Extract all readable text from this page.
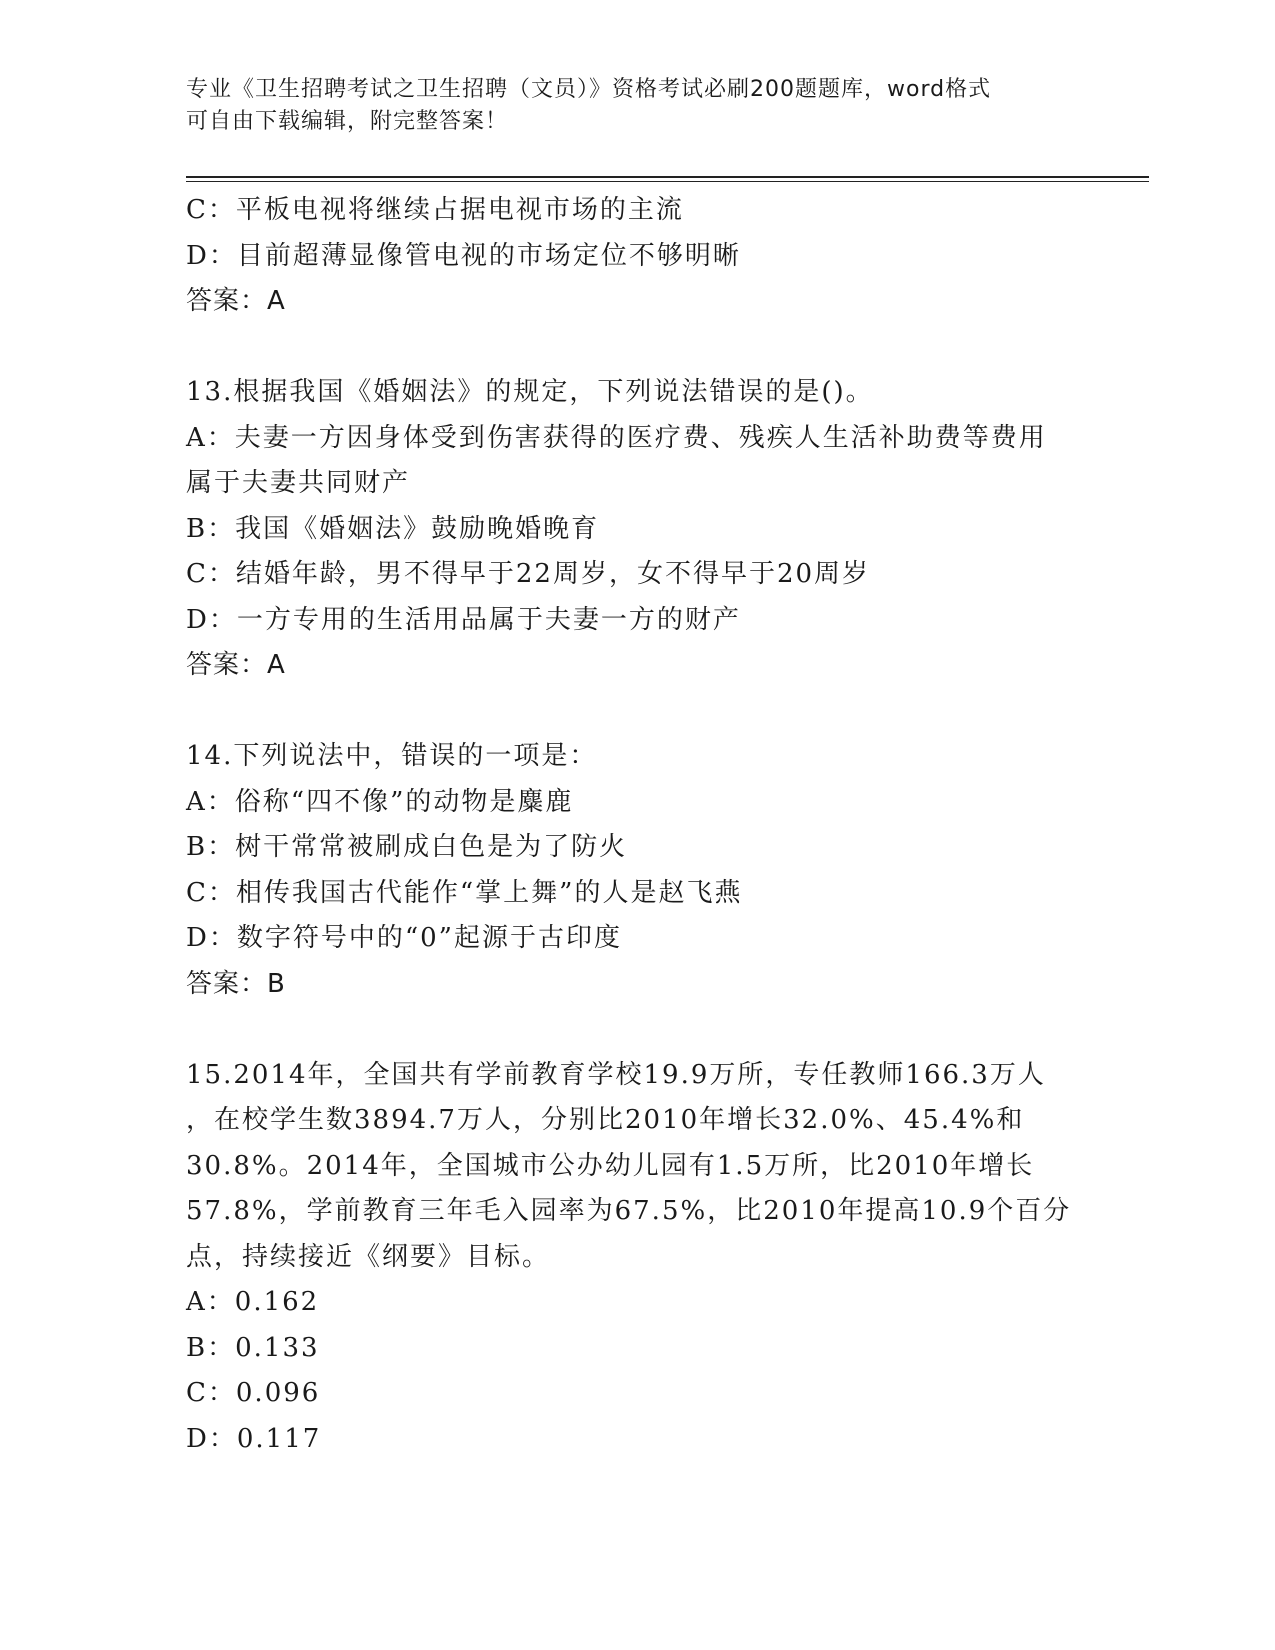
专业《卫生招聘考试之卫生招聘（文员）》资格考试必刷200题题库，word格式
可自由下载编辑，附完整答案！
C：平板电视将继续占据电视市场的主流
D：目前超薄显像管电视的市场定位不够明晰
答案：A
13.根据我国《婚姻法》的规定，下列说法错误的是()。
A：夫妻一方因身体受到伤害获得的医疗费、残疾人生活补助费等费用
属于夫妻共同财产
B：我国《婚姻法》鼓励晚婚晚育
C：结婚年龄，男不得早于22周岁，女不得早于20周岁
D：一方专用的生活用品属于夫妻一方的财产
答案：A
14.下列说法中，错误的一项是：
A：俗称“四不像”的动物是麋鹿
B：树干常常被刷成白色是为了防火
C：相传我国古代能作“掌上舞”的人是赵飞燕
D：数字符号中的“0”起源于古印度
答案：B
15.2014年，全国共有学前教育学校19.9万所，专任教师166.3万人
，在校学生数3894.7万人，分别比2010年增长32.0%、45.4%和
30.8%。2014年，全国城市公办幼儿园有1.5万所，比2010年增长
57.8%，学前教育三年毛入园率为67.5%，比2010年提高10.9个百分
点，持续接近《纲要》目标。
A：0.162
B：0.133
C：0.096
D：0.117
